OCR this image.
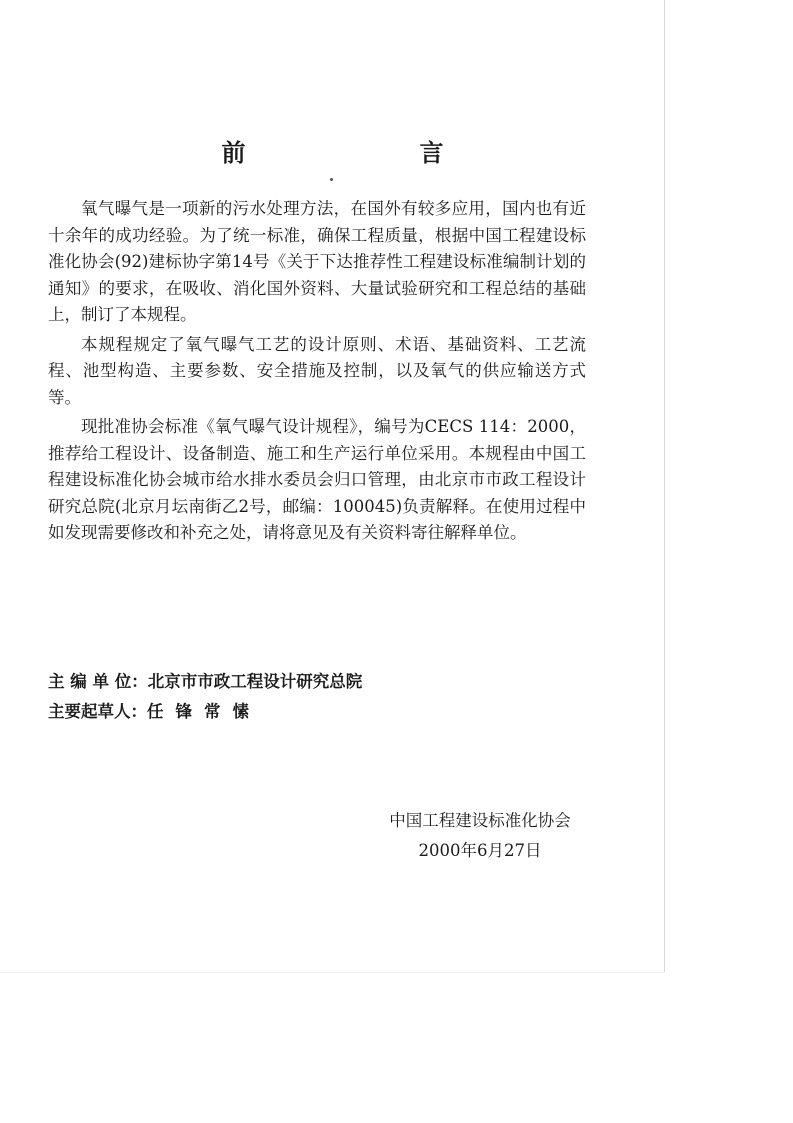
前　　言

氧气曝气是一项新的污水处理方法，在国外有较多应用，国内也有近十余年的成功经验。为了统一标准，确保工程质量，根据中国工程建设标准化协会(92)建标协字第14号《关于下达推荐性工程建设标准编制计划的通知》的要求，在吸收、消化国外资料、大量试验研究和工程总结的基础上，制订了本规程。

本规程规定了氧气曝气工艺的设计原则、术语、基础资料、工艺流程、池型构造、主要参数、安全措施及控制，以及氧气的供应输送方式等。

现批准协会标准《氧气曝气设计规程》，编号为CECS 114：2000，推荐给工程设计、设备制造、施工和生产运行单位采用。本规程由中国工程建设标准化协会城市给水排水委员会归口管理，由北京市市政工程设计研究总院(北京月坛南街乙2号，邮编：100045)负责解释。在使用过程中如发现需要修改和补充之处，请将意见及有关资料寄往解释单位。

主 编 单 位：北京市市政工程设计研究总院
主要起草人：任 锋 常 愫
中国工程建设标准化协会
2000年6月27日
